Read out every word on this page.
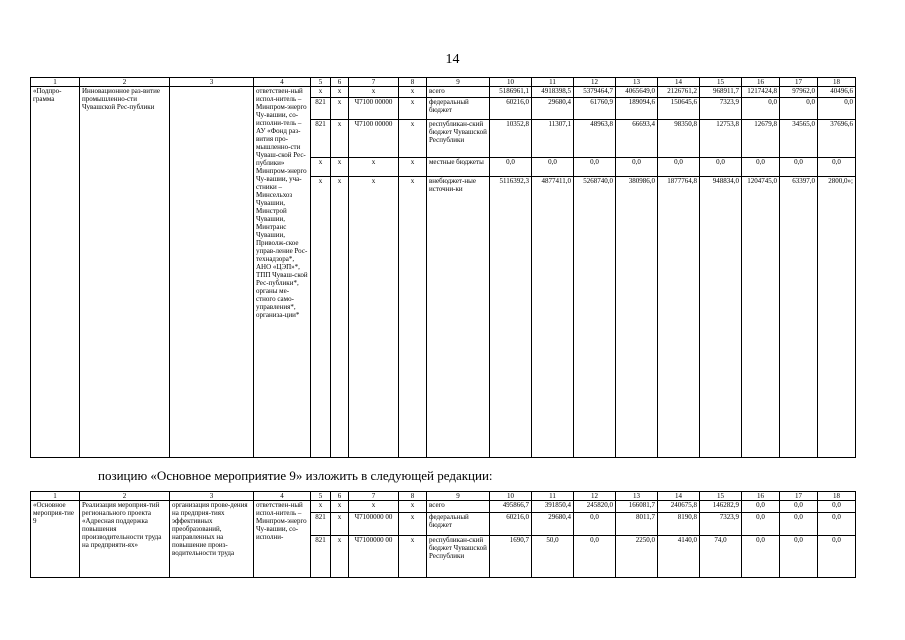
14
1	2	3	4	5	6	7	8	9	10	11	12	13	14	15	16	17	18
«Подпро-грамма	Инновационное раз-витие промышленно-сти Чувашской Рес-публики		ответствен-ный испол-нитель – Минпром-энерго Чу-вашии, со-исполни-тель – АУ «Фонд раз-вития про-мышленно-сти Чуваш-ской Рес-публики» Минпром-энерго Чу-вашии, уча-стники – Минсельхоз Чувашии, Минстрой Чувашии, Минтранс Чувашии, Приволж-ское управ-ление Рос-технадзора*, АНО «ЦЭП»*, ТПП Чуваш-ской Рес-публики*, органы ме-стного само-управления*, организа-ции*	x	x	x	x	всего	5186961,1	4918398,5	5379464,7	4065649,0	2126761,2	968911,7	1217424,8	97962,0	40496,6
				821	x	Ч7100 00000	x	федеральный бюджет	60216,0	29680,4	61760,9	189094,6	150645,6	7323,9	0,0	0,0	0,0
				821	x	Ч7100 00000	x	республикан-ский бюджет Чувашской Республики	10352,8	11307,1	48963,8	66693,4	98350,8	12753,8	12679,8	34565,0	37696,6
				x	x	x	x	местные бюджеты	0,0	0,0	0,0	0,0	0,0	0,0	0,0	0,0	0,0
				x	x	x	x	внебюджет-ные источни-ки	5116392,3	4877411,0	5268740,0	380986,0	1877764,8	948834,0	1204745,0	63397,0	2800,0»;
позицию «Основное мероприятие 9» изложить в следующей редакции:
1	2	3	4	5	6	7	8	9	10	11	12	13	14	15	16	17	18
«Основное мероприя-тие 9	Реализация мероприя-тий регионального проекта «Адресная поддержка повышения производительности труда на предприяти-ях»	организация прове-дения на предприя-тиях эффективных преобразований, направленных на повышение произ-водительности труда	ответствен-ный испол-нитель – Минпром-энерго Чу-вашии, со-исполни-	x	x	x	x	всего	495866,7	391850,4	245820,0	166081,7	240675,8	146282,9	0,0	0,0	0,0
				821	x	Ч7100000 00	x	федеральный бюджет	60216,0	29680,4	0,0	8011,7	8190,8	7323,9	0,0	0,0	0,0
				821	x	Ч7100000 00	x	республикан-ский бюджет Чувашской Республики	1690,7	50,0	0,0	2250,0	4140,0	74,0	0,0	0,0	0,0
